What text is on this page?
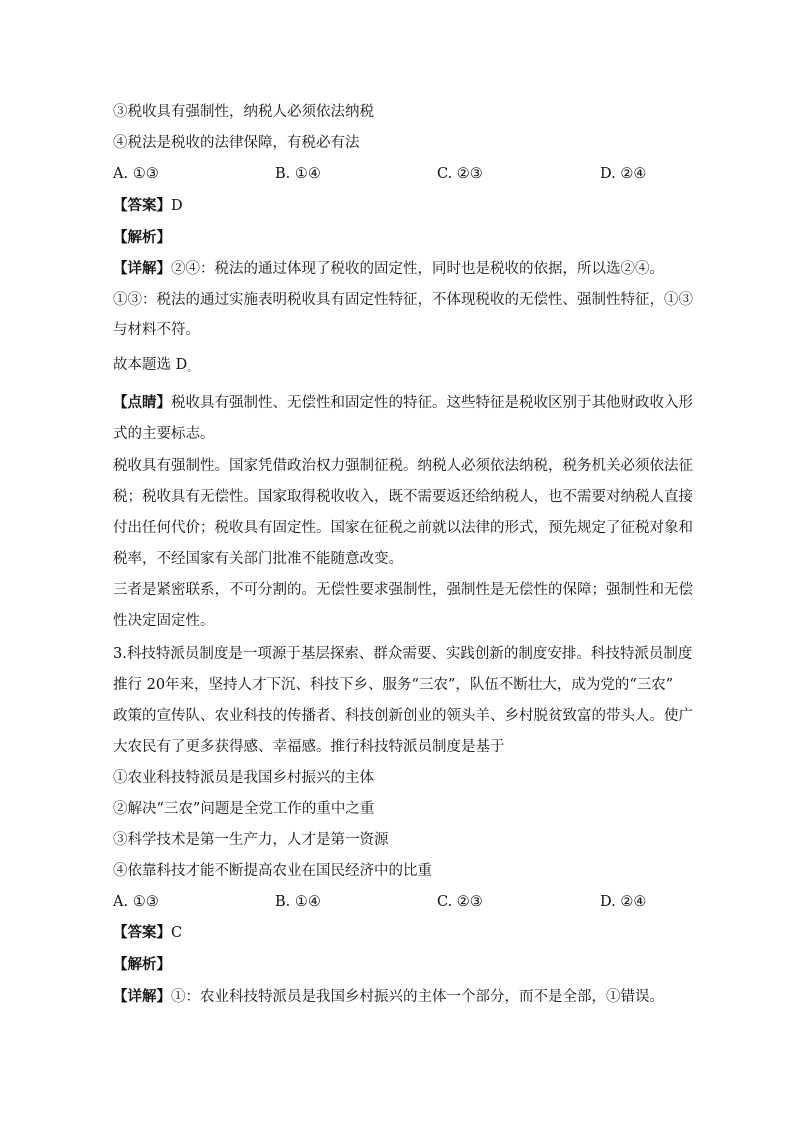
③税收具有强制性，纳税人必须依法纳税
④税法是税收的法律保障，有税必有法
A. ①③	B. ①④	C. ②③	D. ②④
【答案】D
【解析】
【详解】②④：税法的通过体现了税收的固定性，同时也是税收的依据，所以选②④。
①③：税法的通过实施表明税收具有固定性特征，不体现税收的无偿性、强制性特征，①③
与材料不符。
故本题选 D。
【点睛】税收具有强制性、无偿性和固定性的特征。这些特征是税收区别于其他财政收入形
式的主要标志。
税收具有强制性。国家凭借政治权力强制征税。纳税人必须依法纳税，税务机关必须依法征
税；税收具有无偿性。国家取得税收收入，既不需要返还给纳税人，也不需要对纳税人直接
付出任何代价；税收具有固定性。国家在征税之前就以法律的形式，预先规定了征税对象和
税率，不经国家有关部门批准不能随意改变。
三者是紧密联系，不可分割的。无偿性要求强制性，强制性是无偿性的保障；强制性和无偿
性决定固定性。
3.科技特派员制度是一项源于基层探索、群众需要、实践创新的制度安排。科技特派员制度
推行 20年来，坚持人才下沉、科技下乡、服务“三农”，队伍不断壮大，成为党的“三农”
政策的宣传队、农业科技的传播者、科技创新创业的领头羊、乡村脱贫致富的带头人。使广
大农民有了更多获得感、幸福感。推行科技特派员制度是基于
①农业科技特派员是我国乡村振兴的主体
②解决“三农”问题是全党工作的重中之重
③科学技术是第一生产力，人才是第一资源
④依靠科技才能不断提高农业在国民经济中的比重
A. ①③	B. ①④	C. ②③	D. ②④
【答案】C
【解析】
【详解】①：农业科技特派员是我国乡村振兴的主体一个部分，而不是全部，①错误。
